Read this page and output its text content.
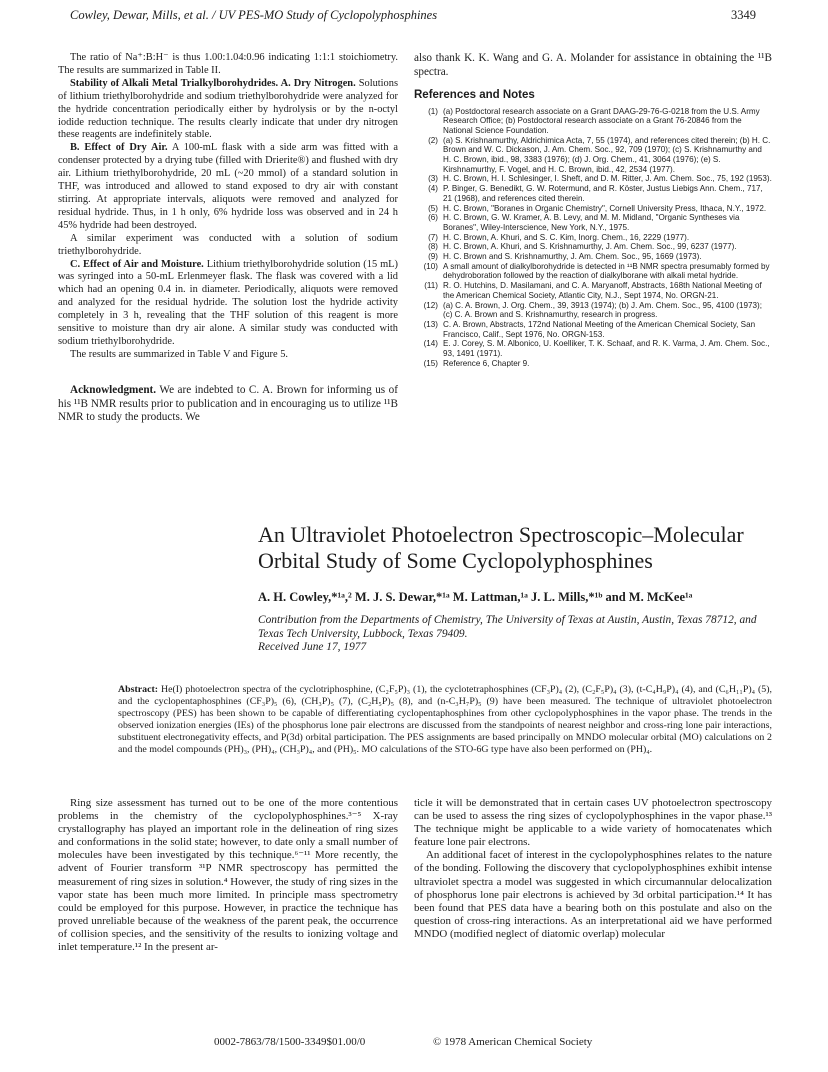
Cowley, Dewar, Mills, et al. / UV PES-MO Study of Cyclopolyphosphines	3349

The ratio of Na⁺:B:H⁻ is thus 1.00:1.04:0.96 indicating 1:1:1 stoichiometry. The results are summarized in Table II.

Stability of Alkali Metal Trialkylborohydrides. A. Dry Nitrogen. Solutions of lithium triethylborohydride and sodium triethylborohydride were analyzed for the hydride concentration periodically either by hydrolysis or by the n-octyl iodide reduction technique. The results clearly indicate that under dry nitrogen these reagents are indefinitely stable.

B. Effect of Dry Air. A 100-mL flask with a side arm was fitted with a condenser protected by a drying tube (filled with Drierite®) and flushed with dry air. Lithium triethylborohydride, 20 mL (~20 mmol) of a standard solution in THF, was introduced and allowed to stand exposed to dry air with constant stirring. At appropriate intervals, aliquots were removed and analyzed for residual hydride. Thus, in 1 h only, 6% hydride loss was observed and in 24 h 45% hydride had been destroyed.

A similar experiment was conducted with a solution of sodium triethylborohydride.

C. Effect of Air and Moisture. Lithium triethylborohydride solution (15 mL) was syringed into a 50-mL Erlenmeyer flask. The flask was covered with a lid which had an opening 0.4 in. in diameter. Periodically, aliquots were removed and analyzed for the residual hydride. The solution lost the hydride activity completely in 3 h, revealing that the THF solution of this reagent is more sensitive to moisture than dry air alone. A similar study was conducted with sodium triethylborohydride.

The results are summarized in Table V and Figure 5.

Acknowledgment. We are indebted to C. A. Brown for informing us of his ¹¹B NMR results prior to publication and in encouraging us to utilize ¹¹B NMR to study the products. We

also thank K. K. Wang and G. A. Molander for assistance in obtaining the ¹¹B spectra.

References and Notes
(1) (a) Postdoctoral research associate on a Grant DAAG-29-76-G-0218 from the U.S. Army Research Office; (b) Postdoctoral research associate on a Grant 76-20846 from the National Science Foundation.
(2) (a) S. Krishnamurthy, Aldrichimica Acta, 7, 55 (1974), and references cited therein; (b) H. C. Brown and W. C. Dickason, J. Am. Chem. Soc., 92, 709 (1970); (c) S. Krishnamurthy and H. C. Brown, ibid., 98, 3383 (1976); (d) J. Org. Chem., 41, 3064 (1976); (e) S. Kirshnamurthy, F. Vogel, and H. C. Brown, ibid., 42, 2534 (1977).
(3) H. C. Brown, H. I. Schlesinger, I. Sheft, and D. M. Ritter, J. Am. Chem. Soc., 75, 192 (1953).
(4) P. Binger, G. Benedikt, G. W. Rotermund, and R. Köster, Justus Liebigs Ann. Chem., 717, 21 (1968), and references cited therein.
(5) H. C. Brown, "Boranes in Organic Chemistry", Cornell University Press, Ithaca, N.Y., 1972.
(6) H. C. Brown, G. W. Kramer, A. B. Levy, and M. M. Midland, "Organic Syntheses via Boranes", Wiley-Interscience, New York, N.Y., 1975.
(7) H. C. Brown, A. Khuri, and S. C. Kim, Inorg. Chem., 16, 2229 (1977).
(8) H. C. Brown, A. Khuri, and S. Krishnamurthy, J. Am. Chem. Soc., 99, 6237 (1977).
(9) H. C. Brown and S. Krishnamurthy, J. Am. Chem. Soc., 95, 1669 (1973).
(10) A small amount of dialkylborohydride is detected in ¹¹B NMR spectra presumably formed by dehydroboration followed by the reaction of dialkylborane with alkali metal hydride.
(11) R. O. Hutchins, D. Masilamani, and C. A. Maryanoff, Abstracts, 168th National Meeting of the American Chemical Society, Atlantic City, N.J., Sept 1974, No. ORGN-21.
(12) (a) C. A. Brown, J. Org. Chem., 39, 3913 (1974); (b) J. Am. Chem. Soc., 95, 4100 (1973); (c) C. A. Brown and S. Krishnamurthy, research in progress.
(13) C. A. Brown, Abstracts, 172nd National Meeting of the American Chemical Society, San Francisco, Calif., Sept 1976, No. ORGN-153.
(14) E. J. Corey, S. M. Albonico, U. Koelliker, T. K. Schaaf, and R. K. Varma, J. Am. Chem. Soc., 93, 1491 (1971).
(15) Reference 6, Chapter 9.
An Ultraviolet Photoelectron Spectroscopic–Molecular Orbital Study of Some Cyclopolyphosphines
A. H. Cowley,*¹ᵃ,² M. J. S. Dewar,*¹ᵃ M. Lattman,¹ᵃ J. L. Mills,*¹ᵇ and M. McKee¹ᵃ
Contribution from the Departments of Chemistry, The University of Texas at Austin, Austin, Texas 78712, and Texas Tech University, Lubbock, Texas 79409.
Received June 17, 1977
Abstract: He(I) photoelectron spectra of the cyclotriphosphine, (C₂F₅P)₃ (1), the cyclotetraphosphines (CF₃P)₄ (2), (C₂F₅P)₄ (3), (t-C₄H₉P)₄ (4), and (C₆H₁₁P)₄ (5), and the cyclopentaphosphines (CF₃P)₅ (6), (CH₃P)₅ (7), (C₂H₅P)₅ (8), and (n-C₃H₇P)₅ (9) have been measured. The technique of ultraviolet photoelectron spectroscopy (PES) has been shown to be capable of differentiating cyclopentaphosphines from other cyclopolyphosphines in the vapor phase. The trends in the observed ionization energies (IEs) of the phosphorus lone pair electrons are discussed from the standpoints of nearest neighbor and cross-ring lone pair interactions, substituent electronegativity effects, and P(3d) orbital participation. The PES assignments are based principally on MNDO molecular orbital (MO) calculations on 2 and the model compounds (PH)₃, (PH)₄, (CH₃P)₄, and (PH)₅. MO calculations of the STO-6G type have also been performed on (PH)₄.

Ring size assessment has turned out to be one of the more contentious problems in the chemistry of the cyclopolyphosphines.³⁻⁵ X-ray crystallography has played an important role in the delineation of ring sizes and conformations in the solid state; however, to date only a small number of molecules have been investigated by this technique.⁶⁻¹¹ More recently, the advent of Fourier transform ³¹P NMR spectroscopy has permitted the measurement of ring sizes in solution.⁴ However, the study of ring sizes in the vapor state has been much more limited. In principle mass spectrometry could be employed for this purpose. However, in practice the technique has proved unreliable because of the weakness of the parent peak, the occurrence of collision species, and the sensitivity of the results to ionizing voltage and inlet temperature.¹² In the present ar-

ticle it will be demonstrated that in certain cases UV photoelectron spectroscopy can be used to assess the ring sizes of cyclopolyphosphines in the vapor phase.¹³ The technique might be applicable to a wide variety of homocatenates which feature lone pair electrons.

An additional facet of interest in the cyclopolyphosphines relates to the nature of the bonding. Following the discovery that cyclopolyphosphines exhibit intense ultraviolet spectra a model was suggested in which circumannular delocalization of phosphorus lone pair electrons is achieved by 3d orbital participation.¹⁴ It has been found that PES data have a bearing both on this postulate and also on the question of cross-ring interactions. As an interpretational aid we have performed MNDO (modified neglect of diatomic overlap) molecular

0002-7863/78/1500-3349$01.00/0	© 1978 American Chemical Society
